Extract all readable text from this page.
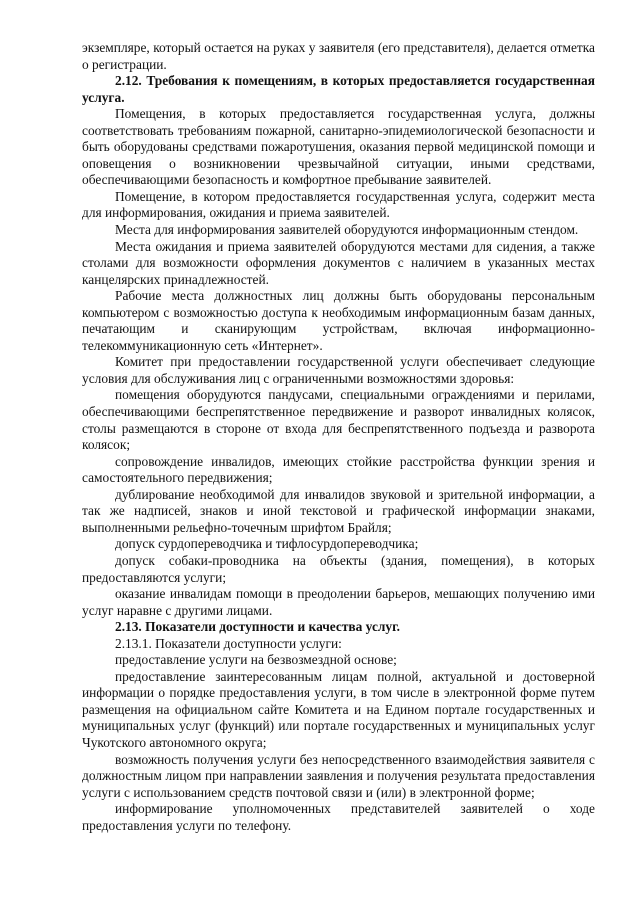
экземпляре, который остается на руках у заявителя (его представителя), делается отметка о регистрации.

2.12. Требования к помещениям, в которых предоставляется государственная услуга.

Помещения, в которых предоставляется государственная услуга, должны соответствовать требованиям пожарной, санитарно-эпидемиологической безопасности и быть оборудованы средствами пожаротушения, оказания первой медицинской помощи и оповещения о возникновении чрезвычайной ситуации, иными средствами, обеспечивающими безопасность и комфортное пребывание заявителей.

Помещение, в котором предоставляется государственная услуга, содержит места для информирования, ожидания и приема заявителей.

Места для информирования заявителей оборудуются информационным стендом.

Места ожидания и приема заявителей оборудуются местами для сидения, а также столами для возможности оформления документов с наличием в указанных местах канцелярских принадлежностей.

Рабочие места должностных лиц должны быть оборудованы персональным компьютером с возможностью доступа к необходимым информационным базам данных, печатающим и сканирующим устройствам, включая информационно-телекоммуникационную сеть «Интернет».

Комитет при предоставлении государственной услуги обеспечивает следующие условия для обслуживания лиц с ограниченными возможностями здоровья:

помещения оборудуются пандусами, специальными ограждениями и перилами, обеспечивающими беспрепятственное передвижение и разворот инвалидных колясок, столы размещаются в стороне от входа для беспрепятственного подъезда и разворота колясок;

сопровождение инвалидов, имеющих стойкие расстройства функции зрения и самостоятельного передвижения;

дублирование необходимой для инвалидов звуковой и зрительной информации, а так же надписей, знаков и иной текстовой и графической информации знаками, выполненными рельефно-точечным шрифтом Брайля;

допуск сурдопереводчика и тифлосурдопереводчика;

допуск собаки-проводника на объекты (здания, помещения), в которых предоставляются услуги;

оказание инвалидам помощи в преодолении барьеров, мешающих получению ими услуг наравне с другими лицами.

2.13. Показатели доступности и качества услуг.

2.13.1. Показатели доступности услуги:

предоставление услуги на безвозмездной основе;

предоставление заинтересованным лицам полной, актуальной и достоверной информации о порядке предоставления услуги, в том числе в электронной форме путем размещения на официальном сайте Комитета и на Едином портале государственных и муниципальных услуг (функций) или портале государственных и муниципальных услуг Чукотского автономного округа;

возможность получения услуги без непосредственного взаимодействия заявителя с должностным лицом при направлении заявления и получения результата предоставления услуги с использованием средств почтовой связи и (или) в электронной форме;

информирование уполномоченных представителей заявителей о ходе предоставления услуги по телефону.
